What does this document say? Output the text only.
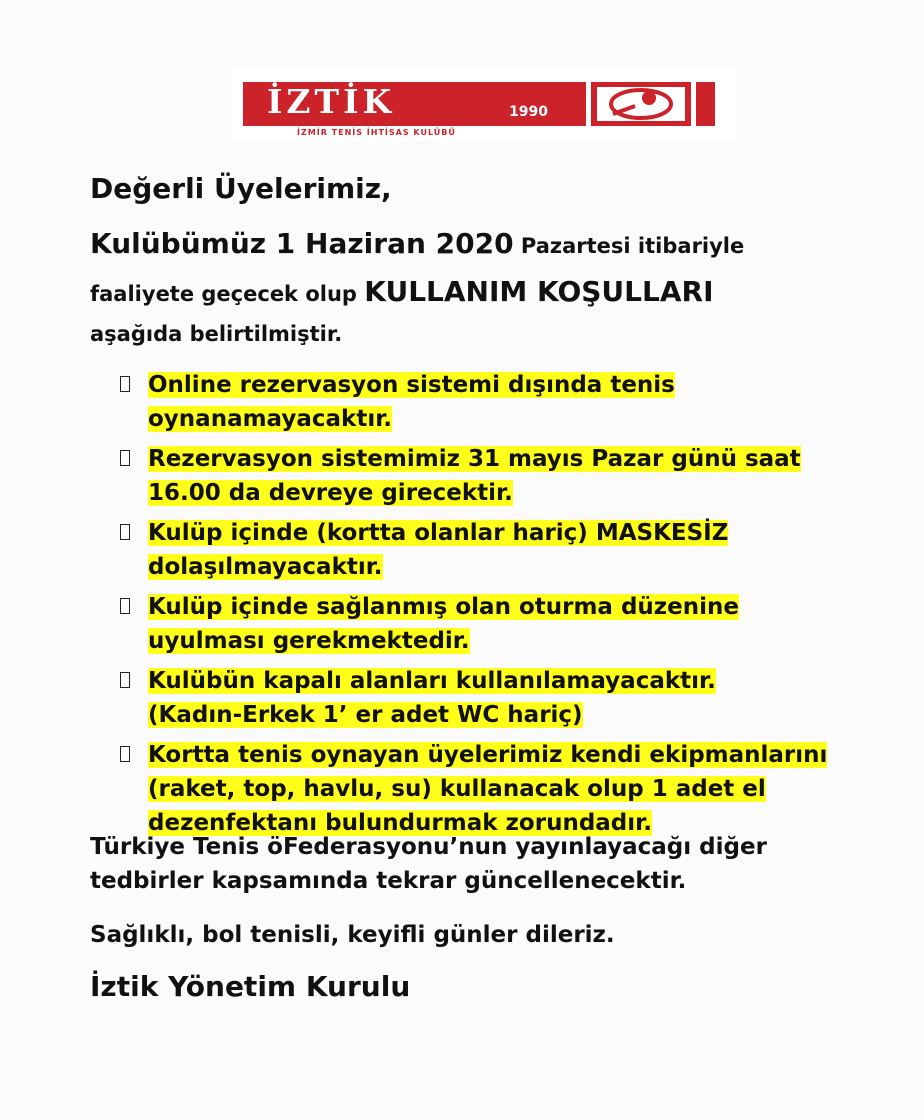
İZTİK	1990
İZMİR TENİS İHTİSAS KULÜBÜ
Değerli Üyelerimiz,
Kulübümüz 1 Haziran 2020 Pazartesi itibariyle
faaliyete geçecek olup KULLANIM KOŞULLARI
aşağıda belirtilmiştir.
Online rezervasyon sistemi dışında tenis
oynanamayacaktır.
Rezervasyon sistemimiz 31 mayıs Pazar günü saat
16.00 da devreye girecektir.
Kulüp içinde (kortta olanlar hariç) MASKESİZ
dolaşılmayacaktır.
Kulüp içinde sağlanmış olan oturma düzenine
uyulması gerekmektedir.
Kulübün kapalı alanları kullanılamayacaktır.
(Kadın-Erkek 1’ er adet WC hariç)
Kortta tenis oynayan üyelerimiz kendi ekipmanlarını
(raket, top, havlu, su) kullanacak olup 1 adet el
dezenfektanı bulundurmak zorundadır.
Türkiye Tenis öFederasyonu’nun yayınlayacağı diğer
tedbirler kapsamında tekrar güncellenecektir.
Sağlıklı, bol tenisli, keyifli günler dileriz.
İztik Yönetim Kurulu
